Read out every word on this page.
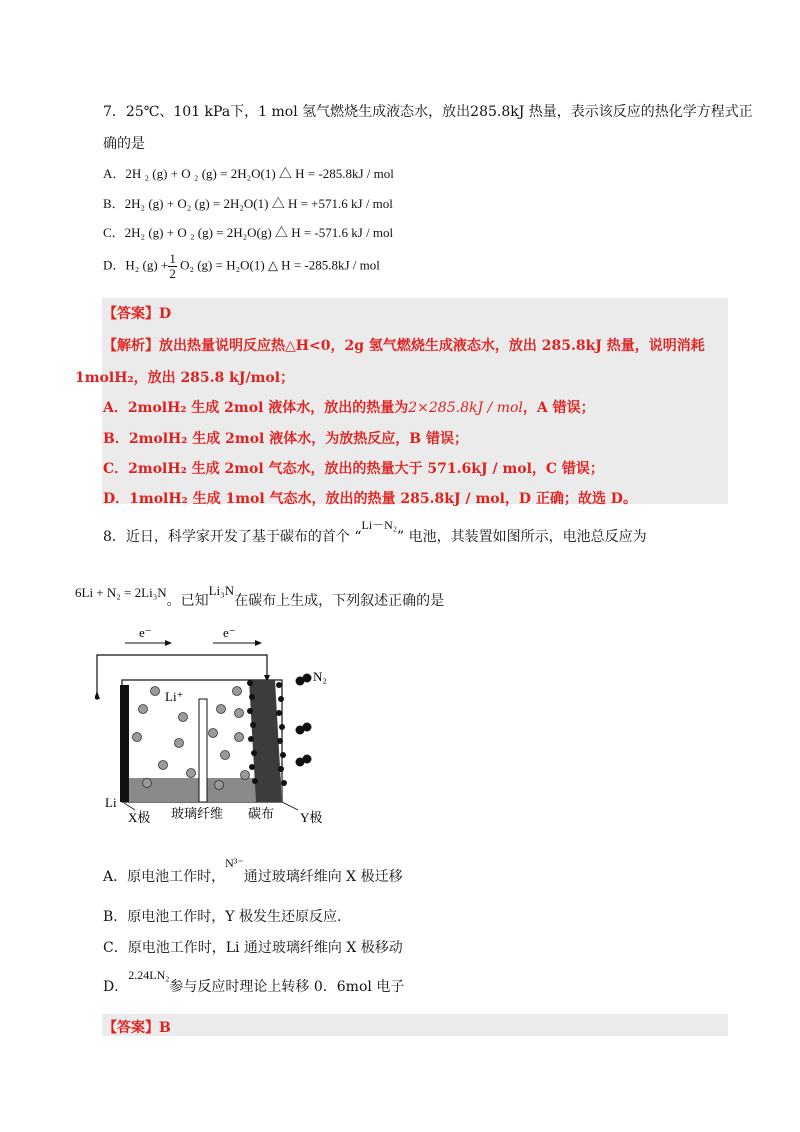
7．25℃、101 kPa下，1 mol 氢气燃烧生成液态水，放出285.8kJ 热量，表示该反应的热化学方程式正
确的是
A．2H ₂ (g) + O ₂ (g) = 2H₂O(1) △ H = -285.8kJ / mol
B．2H₂ (g) + O₂ (g) = 2H₂O(1) △ H = +571.6 kJ / mol
C．2H₂ (g) + O ₂ (g) = 2H₂O(g) △ H = -571.6 kJ / mol
D．H₂ $(g) + \frac{1}{2} O_2$ (g) = H₂O(1) △ H = -285.8kJ / mol
【答案】D
【解析】放出热量说明反应热△H<0，2g 氢气燃烧生成液态水，放出 285.8kJ 热量，说明消耗
1molH₂，放出 285.8 kJ/mol；
A．2molH₂ 生成 2mol 液体水，放出的热量为2×285.8kJ / mol，A 错误；
B．2molH₂ 生成 2mol 液体水，为放热反应，B 错误；
C．2molH₂ 生成 2mol 气态水，放出的热量大于 571.6kJ / mol，C 错误；
D．1molH₂ 生成 1mol 气态水，放出的热量 285.8kJ / mol，D 正确；故选 D。
8．近日，科学家开发了基于碳布的首个 “Li－N₂” 电池，其装置如图所示，电池总反应为
6Li + N₂ = 2Li₃N。已知Li₃N在碳布上生成，下列叙述正确的是
e⁻	e⁻
Li⁺
N₂
Li
X极 玻璃纤维 碳布 Y极
A．原电池工作时，N³⁻通过玻璃纤维向 X 极迁移
B．原电池工作时，Y 极发生还原反应.
C．原电池工作时，Li 通过玻璃纤维向 X 极移动
D．2.24LN₂参与反应时理论上转移 0．6mol 电子
【答案】B
